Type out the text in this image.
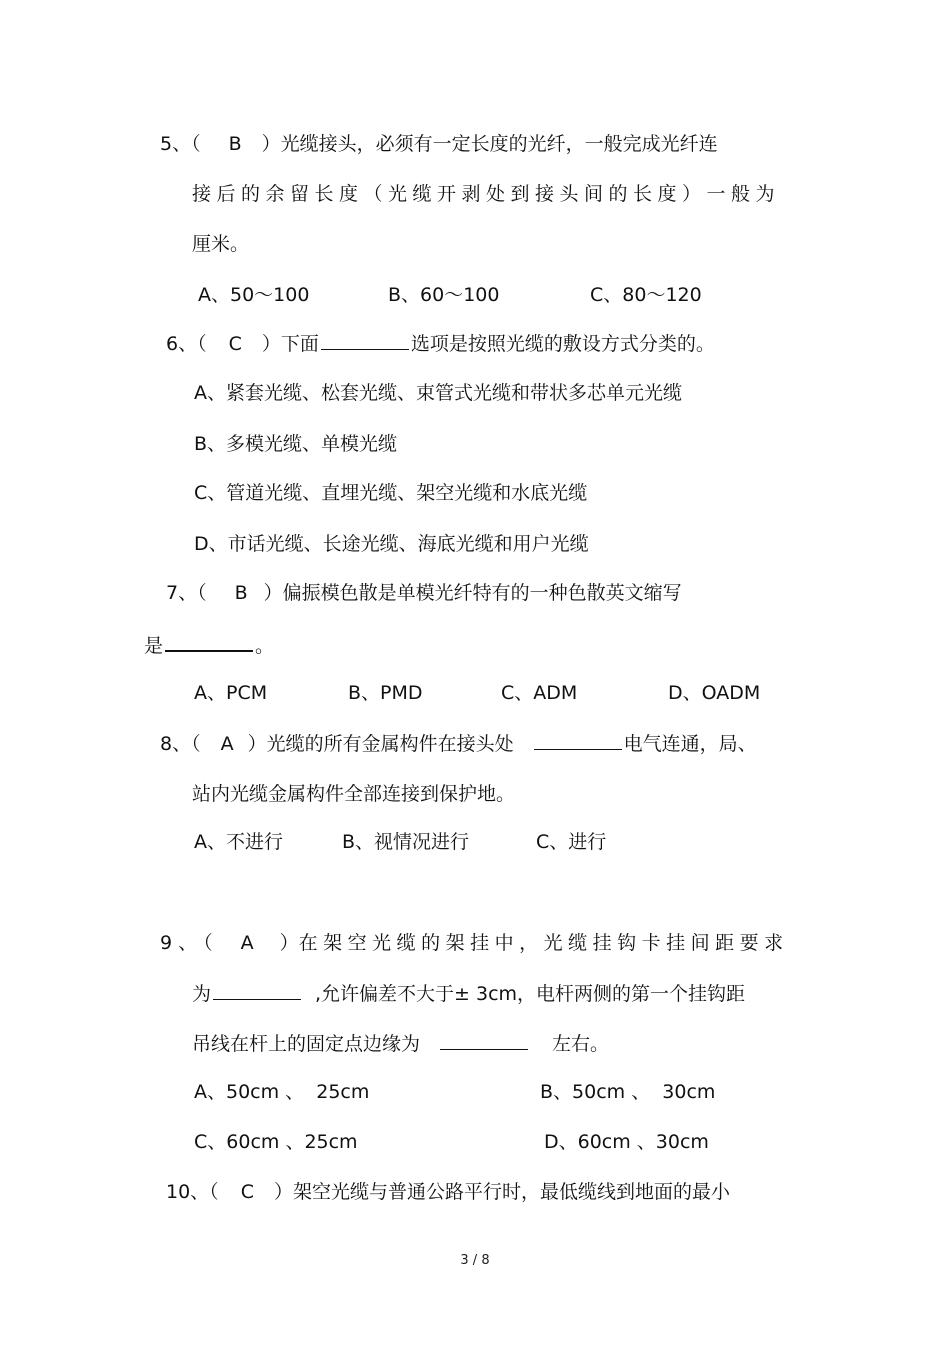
5、（ B ）光缆接头，必须有一定长度的光纤，一般完成光纤连
接后的余留长度（光缆开剥处到接头间的长度）一般为
厘米。
A、50～100	B、60～100	C、80～120
6、（ C ）下面	选项是按照光缆的敷设方式分类的。
A、紧套光缆、松套光缆、束管式光缆和带状多芯单元光缆
B、多模光缆、单模光缆
C、管道光缆、直埋光缆、架空光缆和水底光缆
D、市话光缆、长途光缆、海底光缆和用户光缆
7、（ B ）偏振模色散是单模光纤特有的一种色散英文缩写
是	。
A、PCM	B、PMD	C、ADM	D、OADM
8、（ A ）光缆的所有金属构件在接头处	电气连通，局、
站内光缆金属构件全部连接到保护地。
A、不进行	B、视情况进行	C、进行
9、（ A ）在架空光缆的架挂中，光缆挂钩卡挂间距要求
为	,允许偏差不大于± 3cm，电杆两侧的第一个挂钩距
吊线在杆上的固定点边缘为	左右。
A、50cm 、  25cm	B、50cm 、  30cm
C、60cm 、25cm	D、60cm 、30cm
10、（ C ）架空光缆与普通公路平行时，最低缆线到地面的最小
3 / 8
